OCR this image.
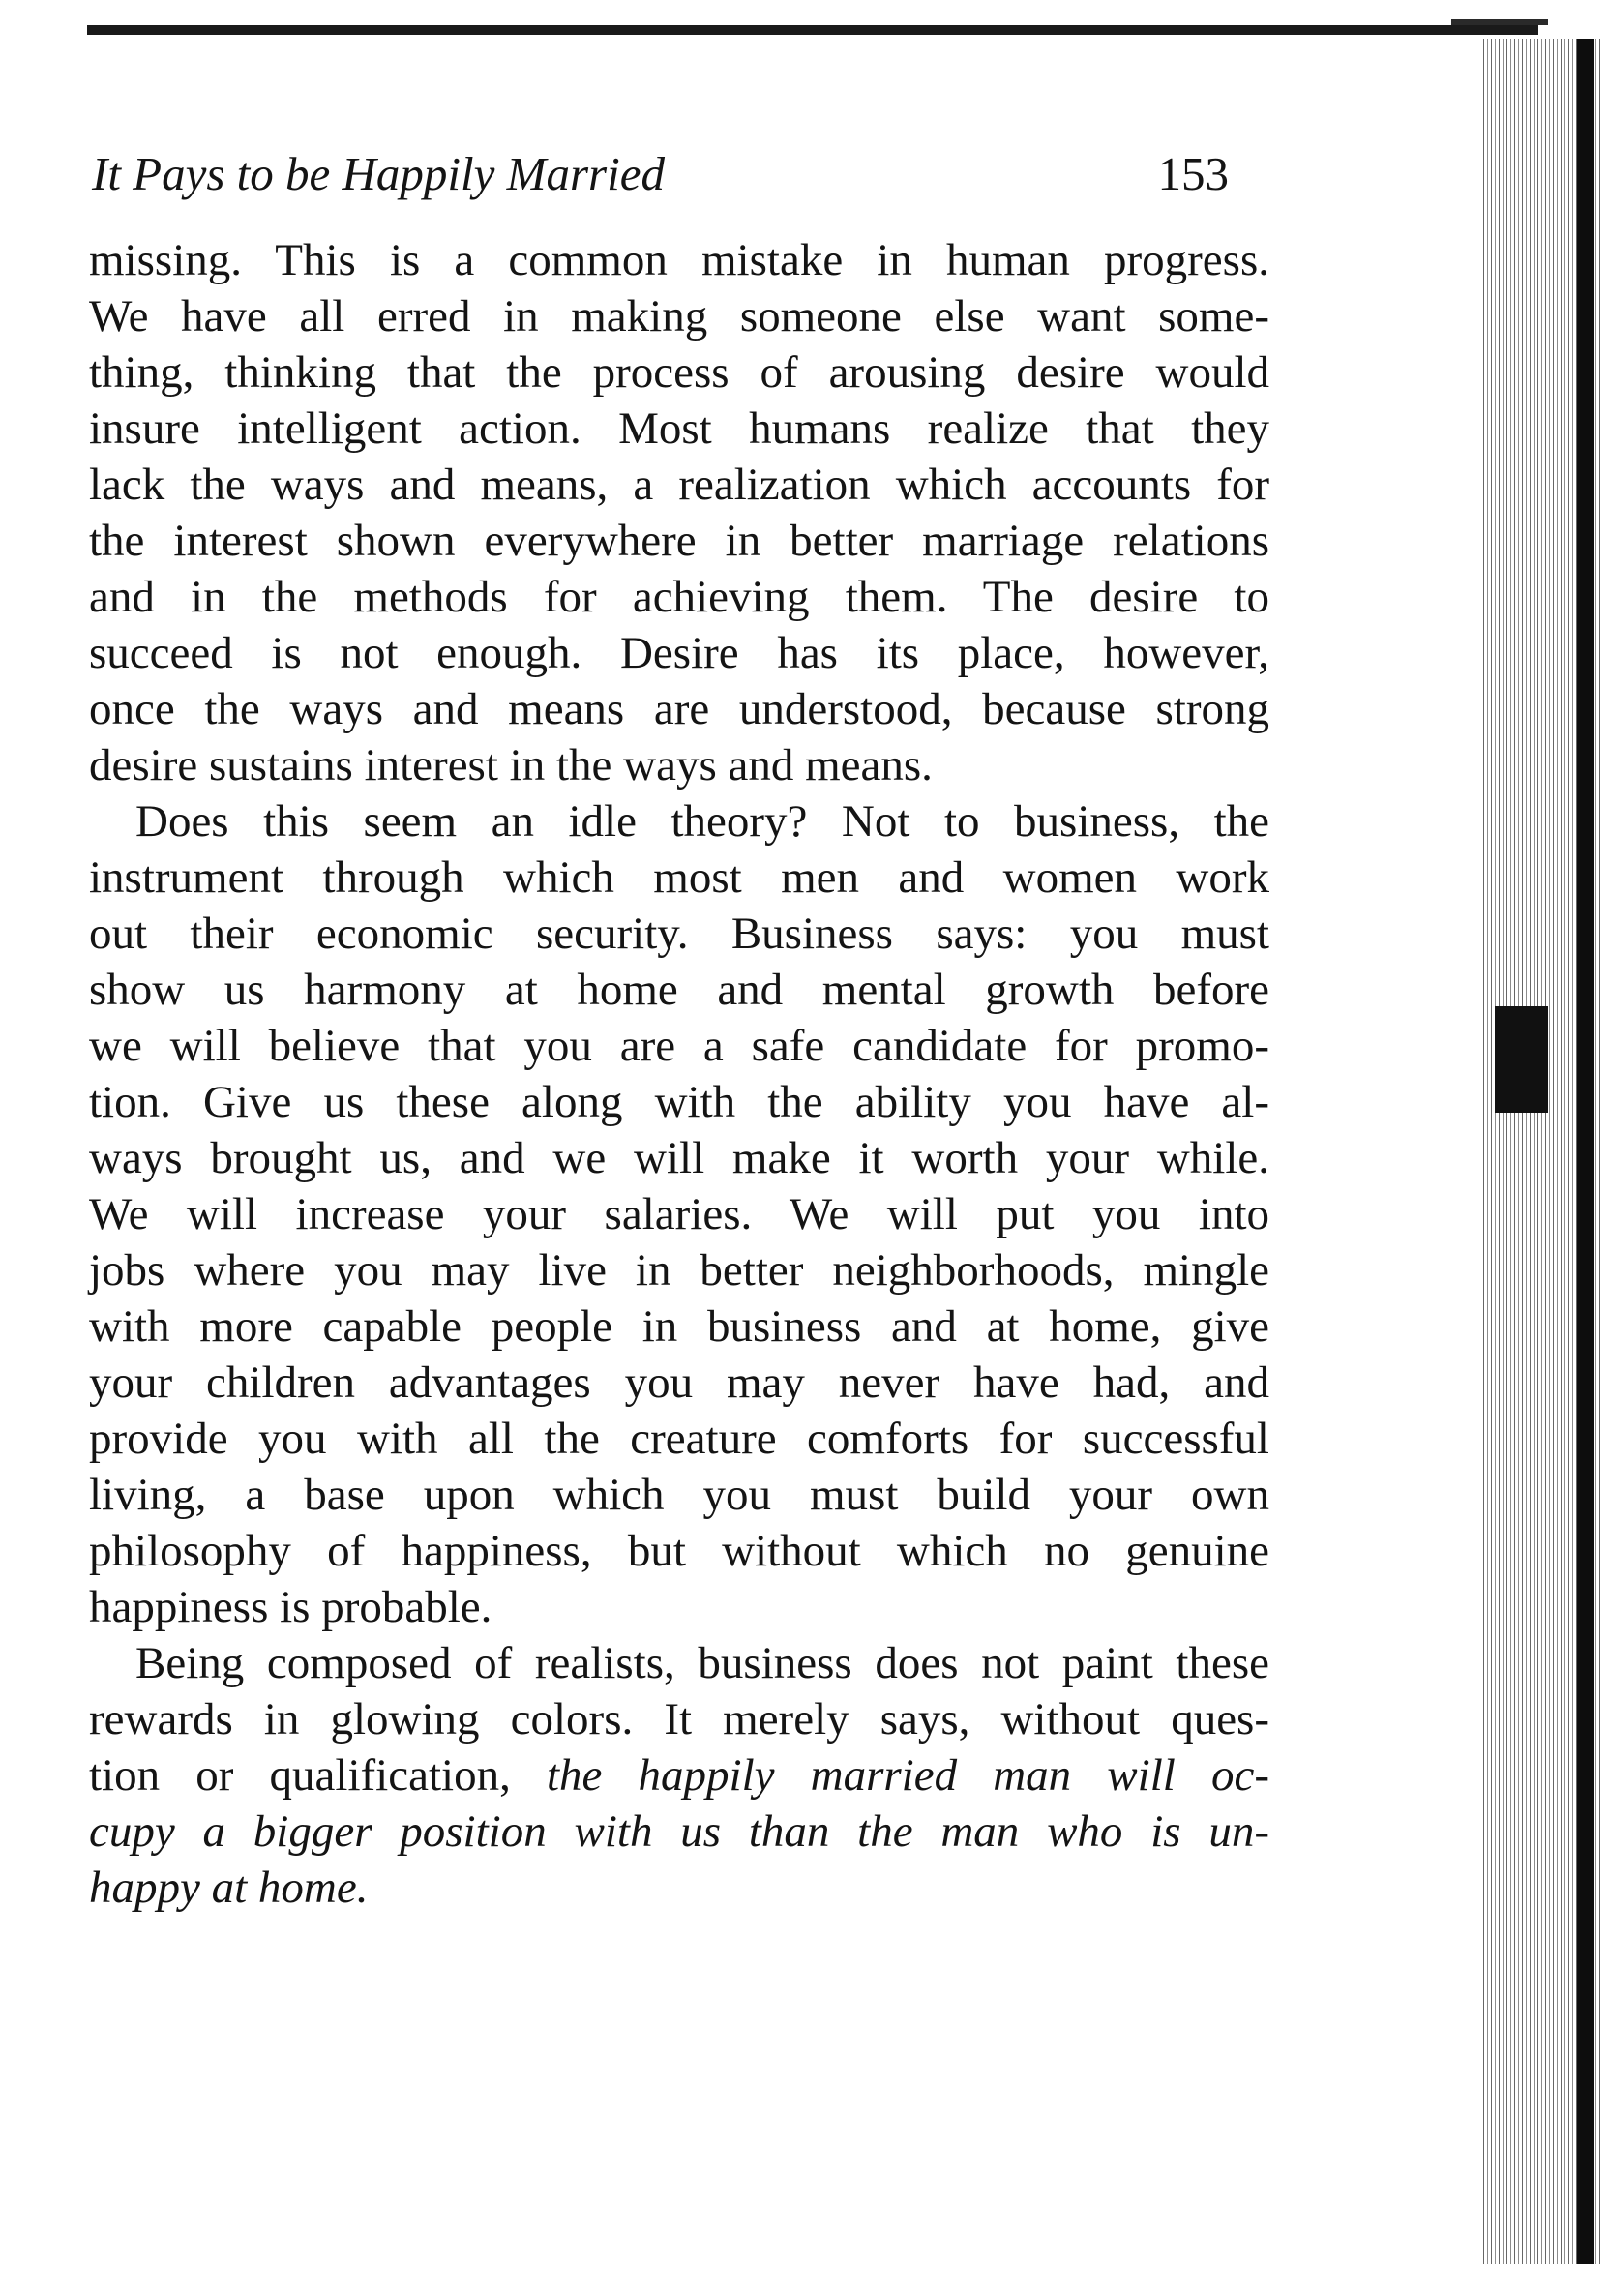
It Pays to be Happily Married	153
missing. This is a common mistake in human progress.
We have all erred in making someone else want some-
thing, thinking that the process of arousing desire would
insure intelligent action. Most humans realize that they
lack the ways and means, a realization which accounts for
the interest shown everywhere in better marriage relations
and in the methods for achieving them. The desire to
succeed is not enough. Desire has its place, however,
once the ways and means are understood, because strong
desire sustains interest in the ways and means.
Does this seem an idle theory? Not to business, the
instrument through which most men and women work
out their economic security. Business says: you must
show us harmony at home and mental growth before
we will believe that you are a safe candidate for promo-
tion. Give us these along with the ability you have al-
ways brought us, and we will make it worth your while.
We will increase your salaries. We will put you into
jobs where you may live in better neighborhoods, mingle
with more capable people in business and at home, give
your children advantages you may never have had, and
provide you with all the creature comforts for successful
living, a base upon which you must build your own
philosophy of happiness, but without which no genuine
happiness is probable.
Being composed of realists, business does not paint these
rewards in glowing colors. It merely says, without ques-
tion or qualification, the happily married man will oc-
cupy a bigger position with us than the man who is un-
happy at home.
